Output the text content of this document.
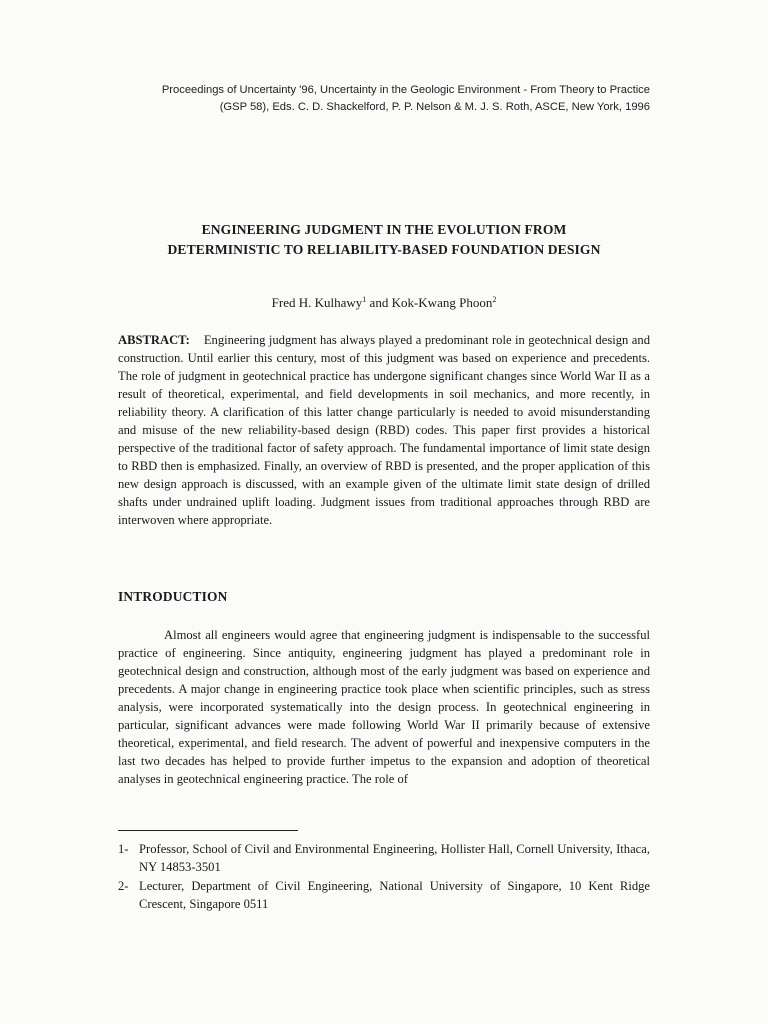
Proceedings of Uncertainty '96, Uncertainty in the Geologic Environment - From Theory to Practice
(GSP 58), Eds. C. D. Shackelford, P. P. Nelson & M. J. S. Roth, ASCE, New York, 1996
ENGINEERING JUDGMENT IN THE EVOLUTION FROM
DETERMINISTIC TO RELIABILITY-BASED FOUNDATION DESIGN
Fred H. Kulhawy$^1$ and Kok-Kwang Phoon$^2$
ABSTRACT: Engineering judgment has always played a predominant role in geotechnical design and construction. Until earlier this century, most of this judgment was based on experience and precedents. The role of judgment in geotechnical practice has undergone significant changes since World War II as a result of theoretical, experimental, and field developments in soil mechanics, and more recently, in reliability theory. A clarification of this latter change particularly is needed to avoid misunderstanding and misuse of the new reliability-based design (RBD) codes. This paper first provides a historical perspective of the traditional factor of safety approach. The fundamental importance of limit state design to RBD then is emphasized. Finally, an overview of RBD is presented, and the proper application of this new design approach is discussed, with an example given of the ultimate limit state design of drilled shafts under undrained uplift loading. Judgment issues from traditional approaches through RBD are interwoven where appropriate.
INTRODUCTION
Almost all engineers would agree that engineering judgment is indispensable to the successful practice of engineering. Since antiquity, engineering judgment has played a predominant role in geotechnical design and construction, although most of the early judgment was based on experience and precedents. A major change in engineering practice took place when scientific principles, such as stress analysis, were incorporated systematically into the design process. In geotechnical engineering in particular, significant advances were made following World War II primarily because of extensive theoretical, experimental, and field research. The advent of powerful and inexpensive computers in the last two decades has helped to provide further impetus to the expansion and adoption of theoretical analyses in geotechnical engineering practice. The role of
1- Professor, School of Civil and Environmental Engineering, Hollister Hall, Cornell University, Ithaca, NY 14853-3501
2- Lecturer, Department of Civil Engineering, National University of Singapore, 10 Kent Ridge Crescent, Singapore 0511
